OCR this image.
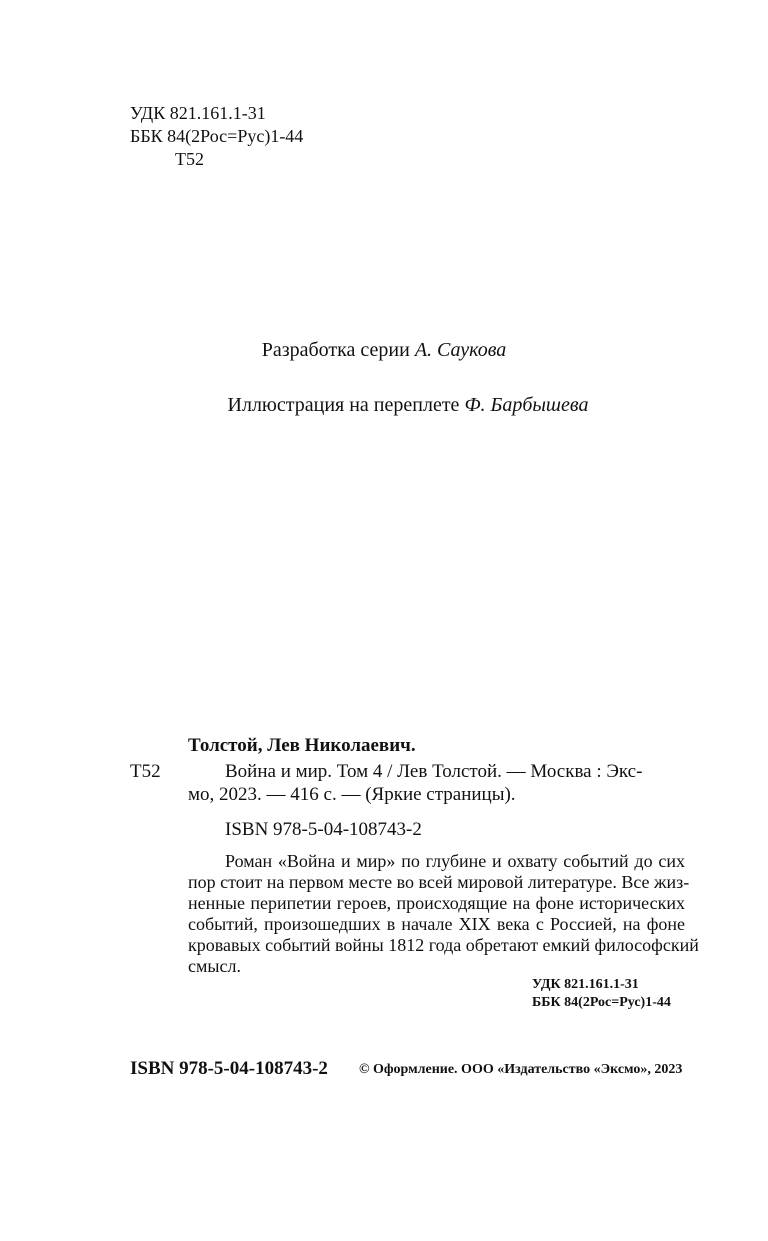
УДК 821.161.1-31
ББК 84(2Рос=Рус)1-44
Т52
Разработка серии А. Саукова
Иллюстрация на переплете Ф. Барбышева
Толстой, Лев Николаевич.
Т52	Война и мир. Том 4 / Лев Толстой. — Москва : Экс-
мо, 2023. — 416 с. — (Яркие страницы).
ISBN 978-5-04-108743-2
Роман «Война и мир» по глубине и охвату событий до сих
пор стоит на первом месте во всей мировой литературе. Все жиз-
ненные перипетии героев, происходящие на фоне исторических
событий, произошедших в начале XIX века с Россией, на фоне
кровавых событий войны 1812 года обретают емкий философский
смысл.
УДК 821.161.1-31
ББК 84(2Рос=Рус)1-44
ISBN 978-5-04-108743-2 © Оформление. ООО «Издательство «Эксмо», 2023
